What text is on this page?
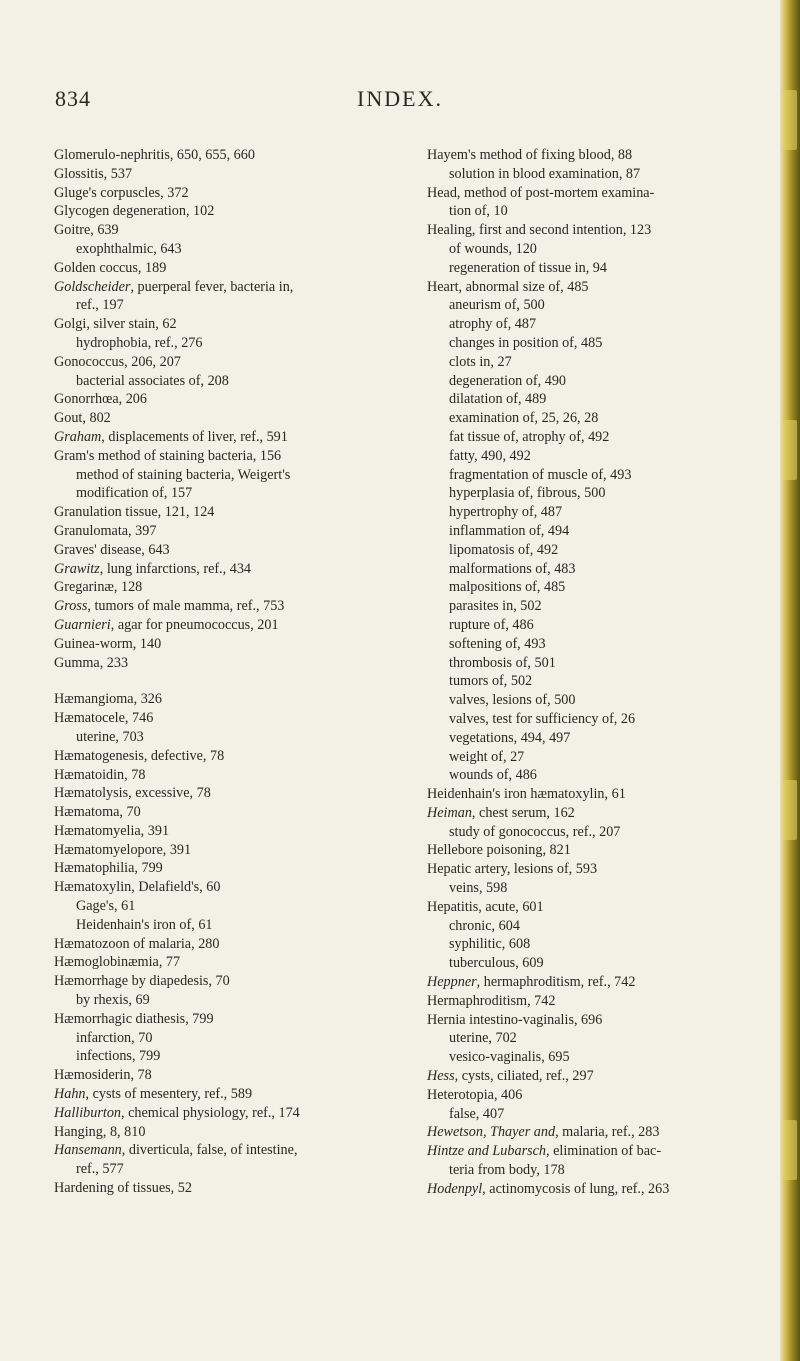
834	INDEX.
Glomerulo-nephritis, 650, 655, 660
Glossitis, 537
Gluge's corpuscles, 372
Glycogen degeneration, 102
Goitre, 639
exophthalmic, 643
Golden coccus, 189
Goldscheider, puerperal fever, bacteria in,
ref., 197
Golgi, silver stain, 62
hydrophobia, ref., 276
Gonococcus, 206, 207
bacterial associates of, 208
Gonorrhœa, 206
Gout, 802
Graham, displacements of liver, ref., 591
Gram's method of staining bacteria, 156
method of staining bacteria, Weigert's
modification of, 157
Granulation tissue, 121, 124
Granulomata, 397
Graves' disease, 643
Grawitz, lung infarctions, ref., 434
Gregarinæ, 128
Gross, tumors of male mamma, ref., 753
Guarnieri, agar for pneumococcus, 201
Guinea-worm, 140
Gumma, 233
Hæmangioma, 326
Hæmatocele, 746
uterine, 703
Hæmatogenesis, defective, 78
Hæmatoidin, 78
Hæmatolysis, excessive, 78
Hæmatoma, 70
Hæmatomyelia, 391
Hæmatomyelopore, 391
Hæmatophilia, 799
Hæmatoxylin, Delafield's, 60
Gage's, 61
Heidenhain's iron of, 61
Hæmatozoon of malaria, 280
Hæmoglobinæmia, 77
Hæmorrhage by diapedesis, 70
by rhexis, 69
Hæmorrhagic diathesis, 799
infarction, 70
infections, 799
Hæmosiderin, 78
Hahn, cysts of mesentery, ref., 589
Halliburton, chemical physiology, ref., 174
Hanging, 8, 810
Hansemann, diverticula, false, of intestine,
ref., 577
Hardening of tissues, 52
Hayem's method of fixing blood, 88
solution in blood examination, 87
Head, method of post-mortem examina-
tion of, 10
Healing, first and second intention, 123
of wounds, 120
regeneration of tissue in, 94
Heart, abnormal size of, 485
aneurism of, 500
atrophy of, 487
changes in position of, 485
clots in, 27
degeneration of, 490
dilatation of, 489
examination of, 25, 26, 28
fat tissue of, atrophy of, 492
fatty, 490, 492
fragmentation of muscle of, 493
hyperplasia of, fibrous, 500
hypertrophy of, 487
inflammation of, 494
lipomatosis of, 492
malformations of, 483
malpositions of, 485
parasites in, 502
rupture of, 486
softening of, 493
thrombosis of, 501
tumors of, 502
valves, lesions of, 500
valves, test for sufficiency of, 26
vegetations, 494, 497
weight of, 27
wounds of, 486
Heidenhain's iron hæmatoxylin, 61
Heiman, chest serum, 162
study of gonococcus, ref., 207
Hellebore poisoning, 821
Hepatic artery, lesions of, 593
veins, 598
Hepatitis, acute, 601
chronic, 604
syphilitic, 608
tuberculous, 609
Heppner, hermaphroditism, ref., 742
Hermaphroditism, 742
Hernia intestino-vaginalis, 696
uterine, 702
vesico-vaginalis, 695
Hess, cysts, ciliated, ref., 297
Heterotopia, 406
false, 407
Hewetson, Thayer and, malaria, ref., 283
Hintze and Lubarsch, elimination of bac-
teria from body, 178
Hodenpyl, actinomycosis of lung, ref., 263
